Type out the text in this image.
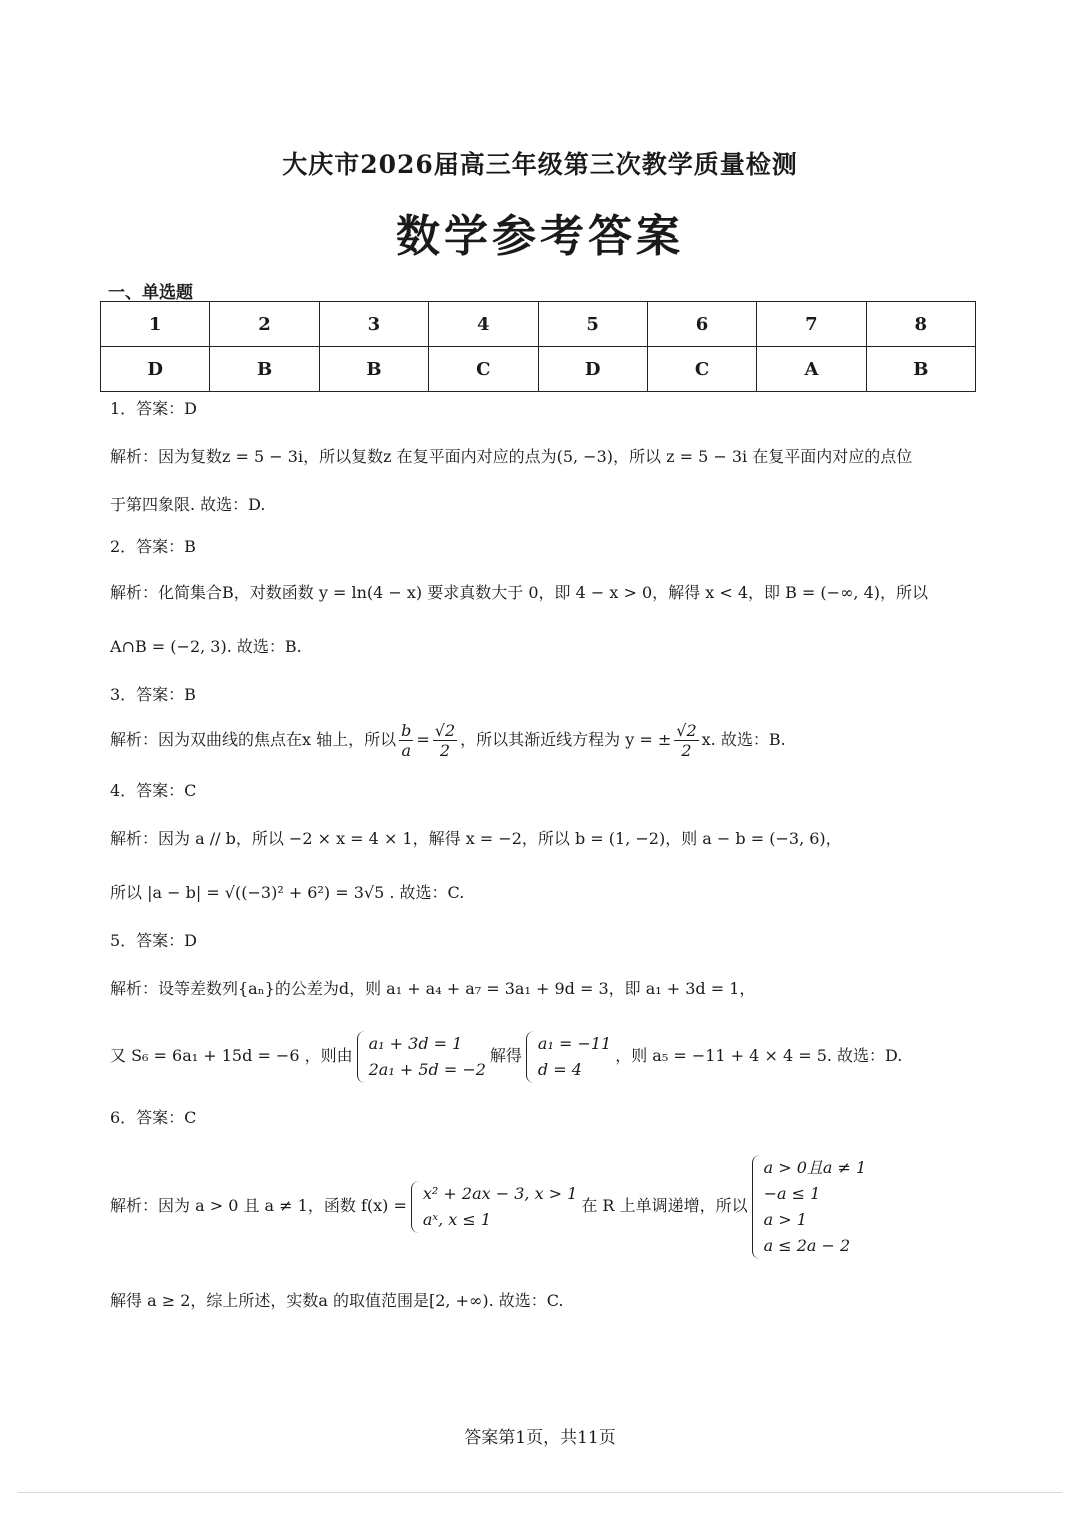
大庆市2026届高三年级第三次教学质量检测
数学参考答案
一、单选题
1	2	3	4	5	6	7	8
D	B	B	C	D	C	A	B
1．答案：D
解析：因为复数z = 5 − 3i，所以复数z 在复平面内对应的点为(5, −3)，所以 z = 5 − 3i 在复平面内对应的点位
于第四象限. 故选：D.
2．答案：B
解析：化简集合B，对数函数 y = ln(4 − x) 要求真数大于 0，即 4 − x > 0，解得 x < 4，即 B = (−∞, 4)，所以
A∩B = (−2, 3). 故选：B.
3．答案：B
解析：因为双曲线的焦点在x 轴上，所以 $\frac{b}{a} = \frac{√2}{2}$ ，所以其渐近线方程为 y = ± $\frac{√2}{2} x$. 故选：B.
4．答案：C
解析：因为 a // b，所以 −2 × x = 4 × 1，解得 x = −2，所以 b = (1, −2)，则 a − b = (−3, 6)，
所以 |a − b| = √((−3)² + 6²) = 3√5 . 故选：C.
5．答案：D
解析：设等差数列{aₙ}的公差为d，则 a₁ + a₄ + a₇ = 3a₁ + 9d = 3，即 a₁ + 3d = 1，
又 S₆ = 6a₁ + 15d = −6 ，则由
a₁ + 3d = 1
2a₁ + 5d = −2
解得
a₁ = −11
d = 4
，则 a₅ = −11 + 4 × 4 = 5. 故选：D.
6．答案：C
解析：因为 a > 0 且 a ≠ 1，函数 f(x) =
x² + 2ax − 3, x > 1
aˣ, x ≤ 1
在 R 上单调递增，所以
a > 0且a ≠ 1
−a ≤ 1
a > 1
a ≤ 2a − 2
解得 a ≥ 2，综上所述，实数a 的取值范围是[2, +∞). 故选：C.
答案第1页，共11页
